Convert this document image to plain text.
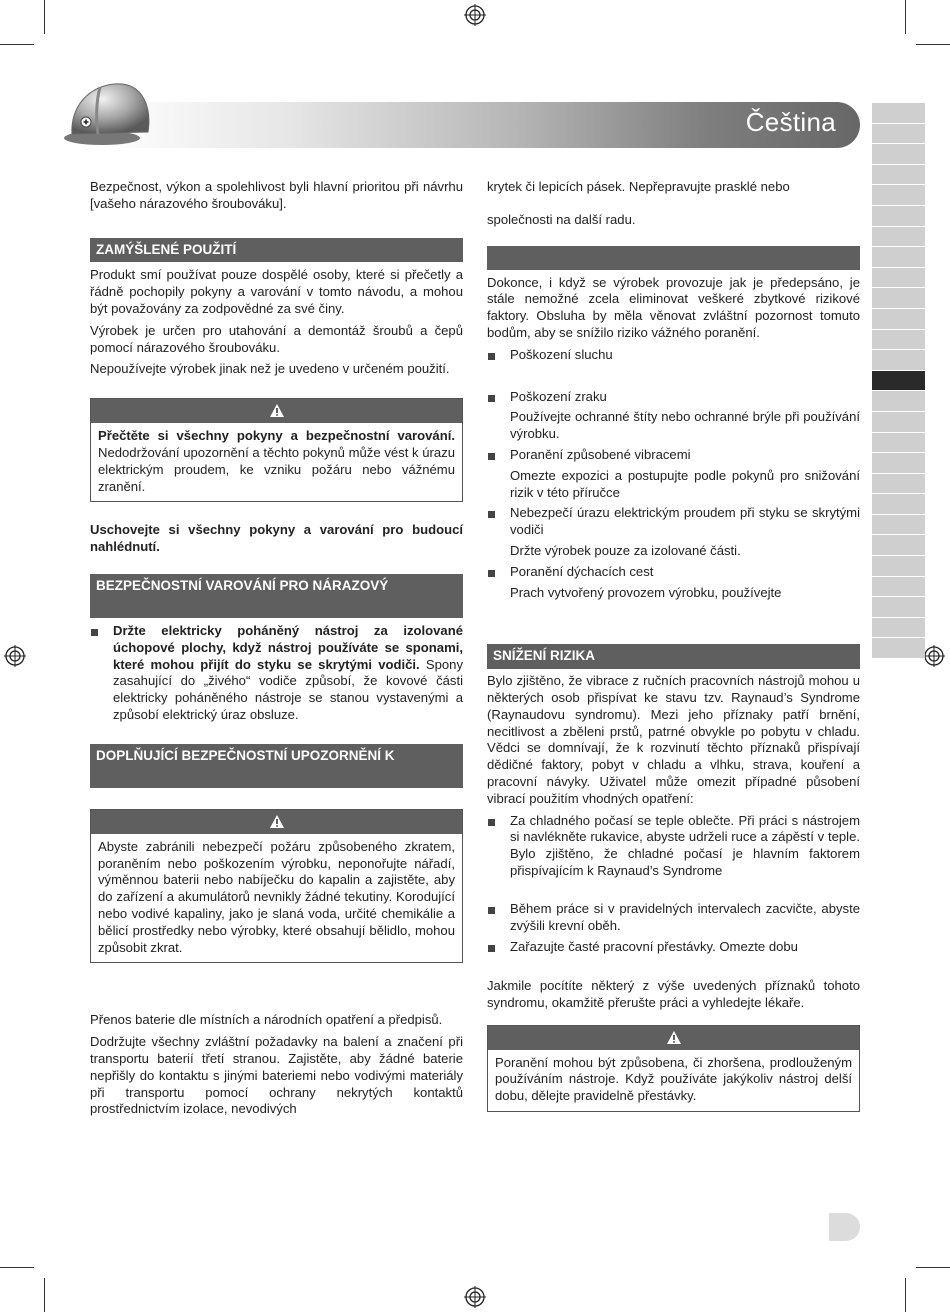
Čeština

Bezpečnost, výkon a spolehlivost byli hlavní prioritou při návrhu [vašeho nárazového šroubováku].

ZAMÝŠLENÉ POUŽITÍ

Produkt smí používat pouze dospělé osoby, které si přečetly a řádně pochopily pokyny a varování v tomto návodu, a mohou být považovány za zodpovědné za své činy.

Výrobek je určen pro utahování a demontáž šroubů a čepů pomocí nárazového šroubováku.

Nepoužívejte výrobek jinak než je uvedeno v určeném použití.

Přečtěte si všechny pokyny a bezpečnostní varování. Nedodržování upozornění a těchto pokynů může vést k úrazu elektrickým proudem, ke vzniku požáru nebo vážnému zranění.

Uschovejte si všechny pokyny a varování pro budoucí nahlédnutí.

BEZPEČNOSTNÍ VAROVÁNÍ PRO NÁRAZOVÝ

Držte elektricky poháněný nástroj za izolované úchopové plochy, když nástroj používáte se sponami, které mohou přijít do styku se skrytými vodiči. Spony zasahující do „živého“ vodiče způsobí, že kovové části elektricky poháněného nástroje se stanou vystavenými a způsobí elektrický úraz obsluze.

DOPLŇUJÍCÍ BEZPEČNOSTNÍ UPOZORNĚNÍ K

Abyste zabránili nebezpečí požáru způsobeného zkratem, poraněním nebo poškozením výrobku, neponořujte nářadí, výměnnou baterii nebo nabíječku do kapalin a zajistěte, aby do zařízení a akumulátorů nevnikly žádné tekutiny. Korodující nebo vodivé kapaliny, jako je slaná voda, určité chemikálie a bělicí prostředky nebo výrobky, které obsahují bělidlo, mohou způsobit zkrat.

Přenos baterie dle místních a národních opatření a předpisů.

Dodržujte všechny zvláštní požadavky na balení a značení při transportu baterií třetí stranou. Zajistěte, aby žádné baterie nepřišly do kontaktu s jinými bateriemi nebo vodivými materiály při transportu pomocí ochrany nekrytých kontaktů prostřednictvím izolace, nevodivých

krytek či lepicích pásek. Nepřepravujte prasklé nebo

společnosti na další radu.

Dokonce, i když se výrobek provozuje jak je předepsáno, je stále nemožné zcela eliminovat veškeré zbytkové rizikové faktory. Obsluha by měla věnovat zvláštní pozornost tomuto bodům, aby se snížilo riziko vážného poranění.

Poškození sluchu

Poškození zraku

Používejte ochranné štíty nebo ochranné brýle při používání výrobku.

Poranění způsobené vibracemi

Omezte expozici a postupujte podle pokynů pro snižování rizik v této příručce

Nebezpečí úrazu elektrickým proudem při styku se skrytými vodiči

Držte výrobek pouze za izolované části.

Poranění dýchacích cest

Prach vytvořený provozem výrobku, používejte

SNÍŽENÍ RIZIKA

Bylo zjištěno, že vibrace z ručních pracovních nástrojů mohou u některých osob přispívat ke stavu tzv. Raynaud’s Syndrome (Raynaudovu syndromu). Mezi jeho příznaky patří brnění, necitlivost a zběleni prstů, patrné obvykle po pobytu v chladu. Vědci se domnívají, že k rozvinutí těchto příznaků přispívají dědičné faktory, pobyt v chladu a vlhku, strava, kouření a pracovní návyky. Uživatel může omezit případné působení vibrací použitím vhodných opatření:

Za chladného počasí se teple oblečte. Při práci s nástrojem si navlékněte rukavice, abyste udrželi ruce a zápěstí v teple. Bylo zjištěno, že chladné počasí je hlavním faktorem přispívajícím k Raynaud’s Syndrome

Během práce si v pravidelných intervalech zacvičte, abyste zvýšili krevní oběh.

Zařazujte časté pracovní přestávky. Omezte dobu

Jakmile pocítíte některý z výše uvedených příznaků tohoto syndromu, okamžitě přerušte práci a vyhledejte lékaře.

Poranění mohou být způsobena, či zhoršena, prodlouženým používáním nástroje. Když používáte jakýkoliv nástroj delší dobu, dělejte pravidelně přestávky.
